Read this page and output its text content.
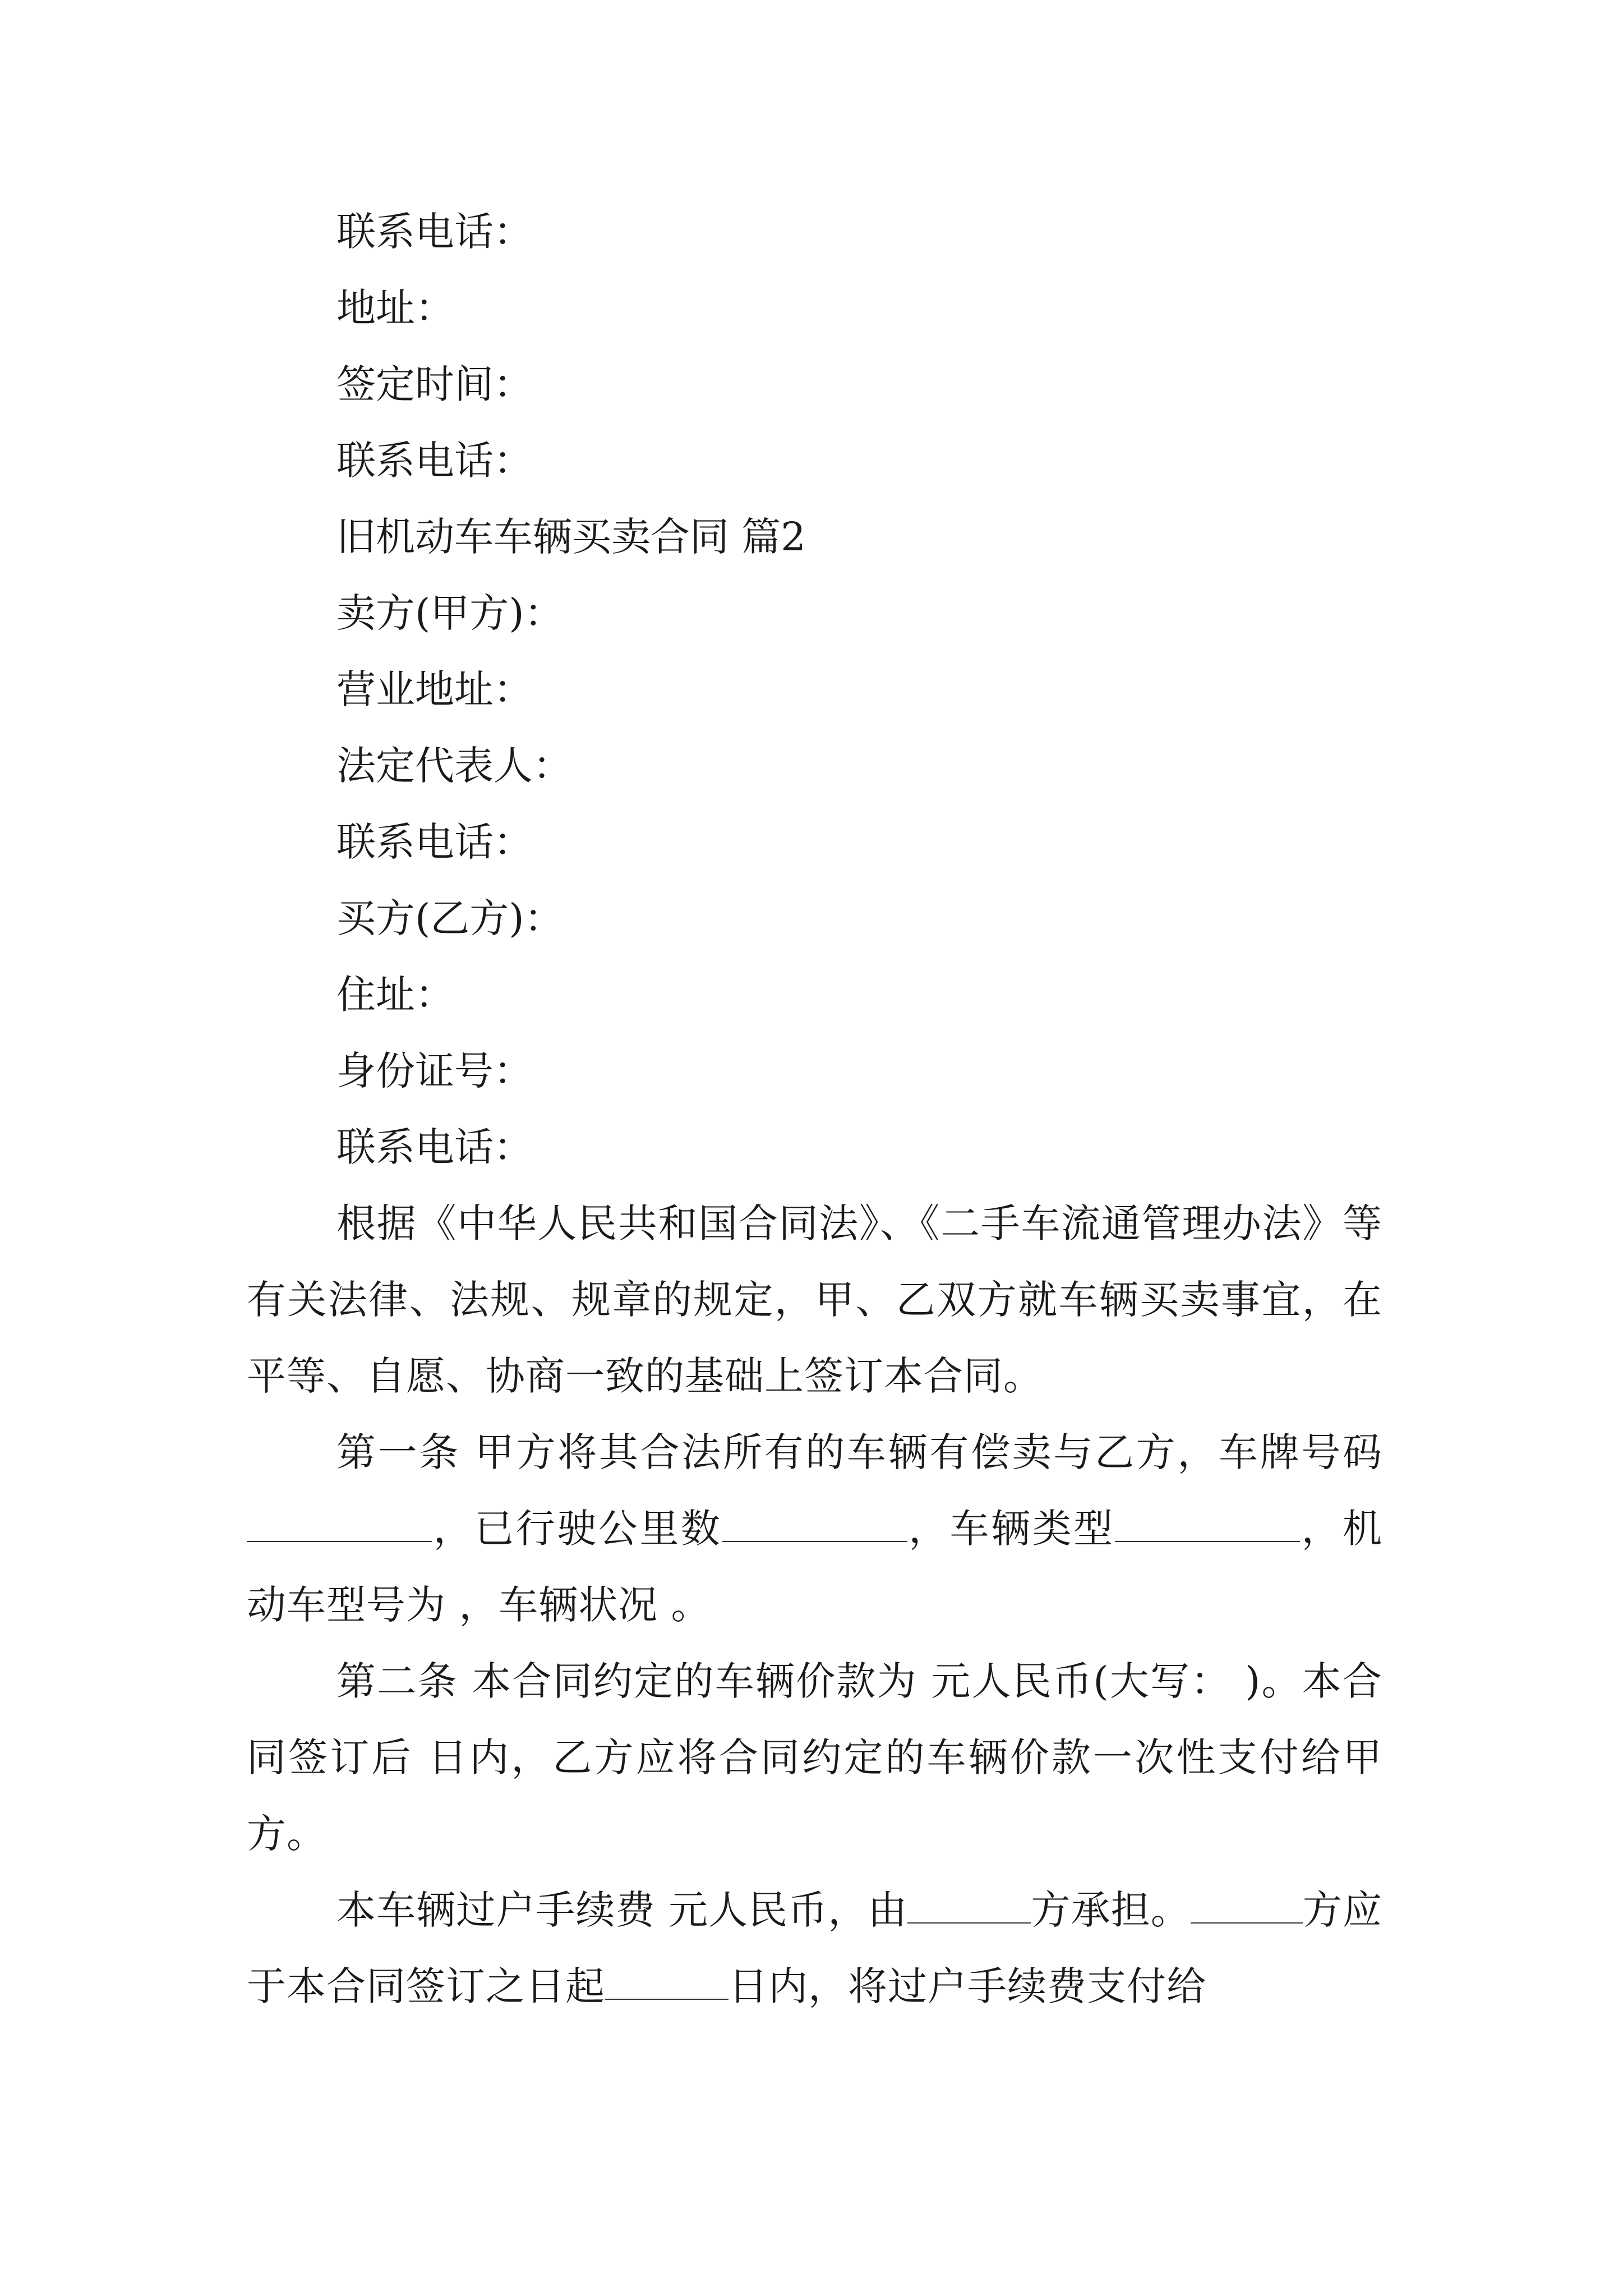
联系电话：
地址：
签定时间：
联系电话：
旧机动车车辆买卖合同 篇2
卖方(甲方)：
营业地址：
法定代表人：
联系电话：
买方(乙方)：
住址：
身份证号：
联系电话：

根据《中华人民共和国合同法》、《二手车流通管理办法》等有关法律、法规、规章的规定，甲、乙双方就车辆买卖事宜，在平等、自愿、协商一致的基础上签订本合同。

第一条 甲方将其合法所有的车辆有偿卖与乙方，车牌号码，已行驶公里数	，车辆类型	，机动车型号为 ，车辆状况 。

第二条 本合同约定的车辆价款为 元人民币(大写： )。本合同签订后 日内，乙方应将合同约定的车辆价款一次性支付给甲方。

本车辆过户手续费 元人民币，由	方承担。	方应于本合同签订之日起	日内，将过户手续费支付给
